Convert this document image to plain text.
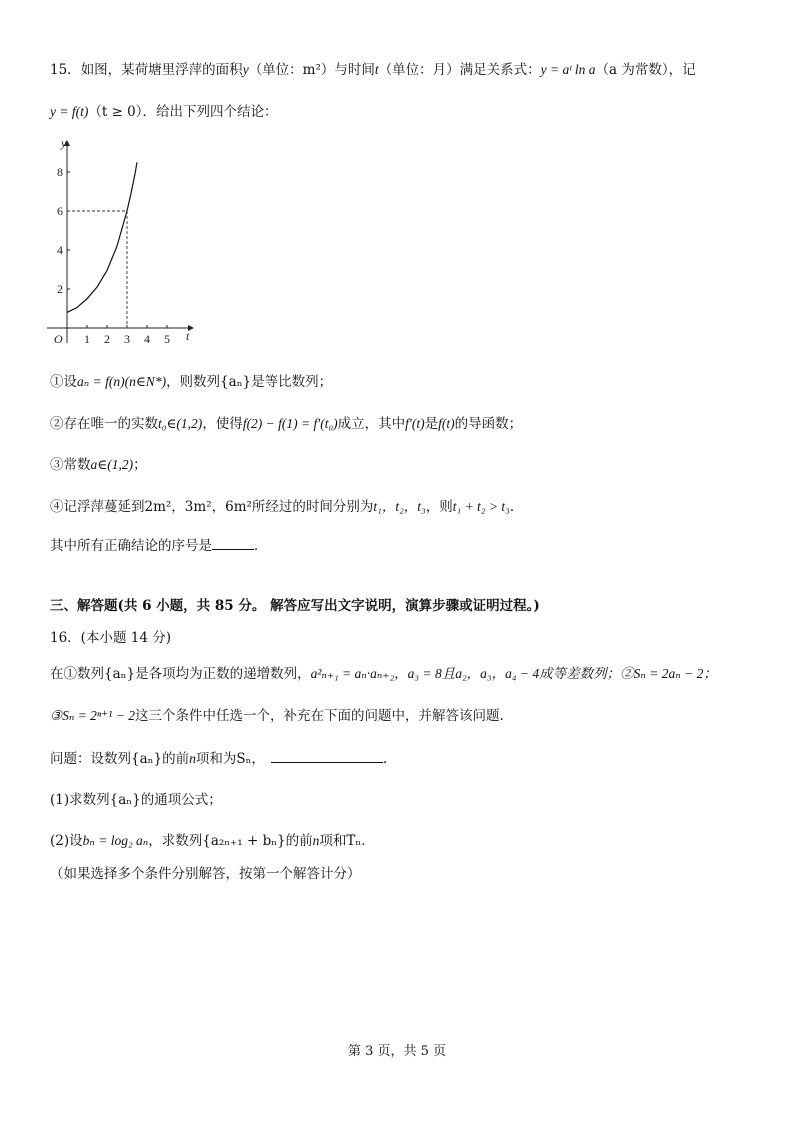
15．如图，某荷塘里浮萍的面积y（单位：m²）与时间t（单位：月）满足关系式：y = aᵗ ln a（a 为常数），记
y = f(t)（t ≥ 0）．给出下列四个结论：
y
t
O 1 2 3 4 5
2
4
6
8
①设aₙ = f(n)(n∈N*)，则数列{aₙ}是等比数列；
②存在唯一的实数t₀∈(1,2)，使得f(2) − f(1) = f′(t₀)成立，其中f′(t)是f(t)的导函数；
③常数a∈(1,2)；
④记浮萍蔓延到2m²，3m²，6m²所经过的时间分别为t₁，t₂，t₃，则t₁ + t₂ > t₃．
其中所有正确结论的序号是	．
三、解答题(共 6 小题，共 85 分。 解答应写出文字说明，演算步骤或证明过程。)
16．(本小题 14 分)
在①数列{aₙ}是各项均为正数的递增数列，a²ₙ₊₁ = aₙ·aₙ₊₂，a₃ = 8且a₂，a₃，a₄ − 4成等差数列；②Sₙ = 2aₙ − 2；
③Sₙ = 2ⁿ⁺¹ − 2这三个条件中任选一个，补充在下面的问题中，并解答该问题.
问题：设数列{aₙ}的前n项和为Sₙ，	.
(1)求数列{aₙ}的通项公式；
(2)设bₙ = log₂ aₙ，求数列{a₂ₙ₊₁ + bₙ}的前n项和Tₙ．
（如果选择多个条件分别解答，按第一个解答计分）
第 3 页，共 5 页
